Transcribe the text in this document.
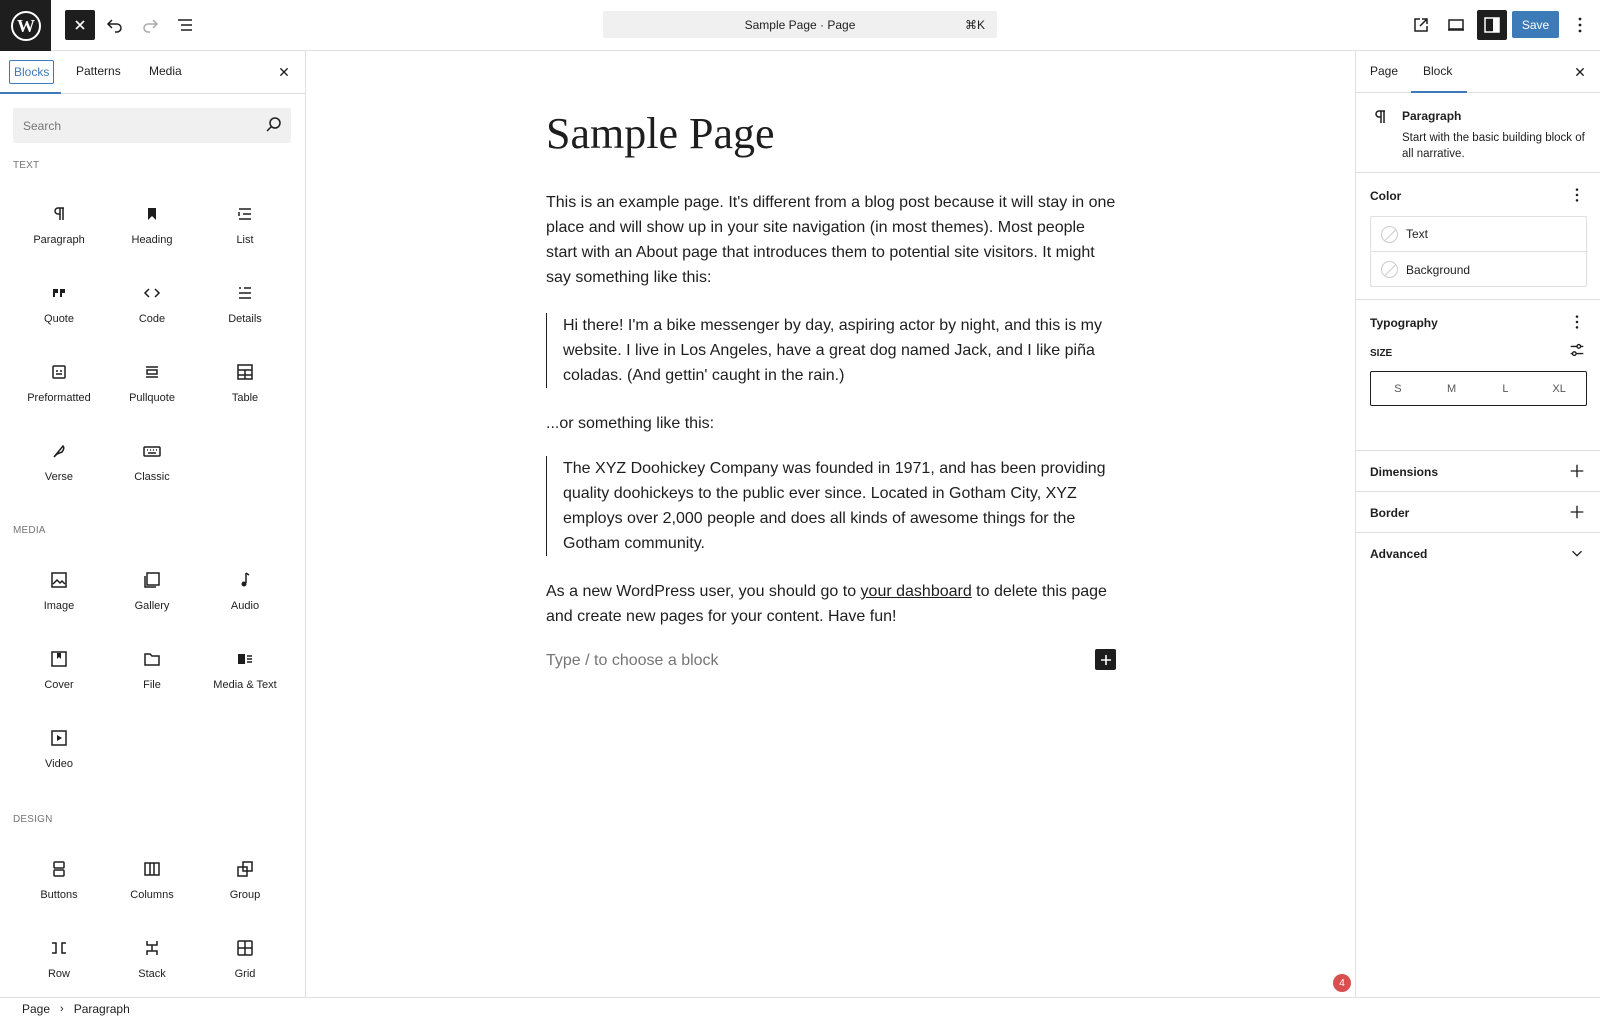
W	Sample Page · Page	⌘K	Save
Blocks	Patterns	Media
Search
TEXT
Paragraph	Heading	List
Quote	Code	Details
Preformatted	Pullquote	Table
Verse	Classic
MEDIA
Image	Gallery	Audio
Cover	File	Media & Text
Video
DESIGN
Buttons	Columns	Group
Row	Stack	Grid
Sample Page

This is an example page. It's different from a blog post because it will stay in one place and will show up in your site navigation (in most themes). Most people start with an About page that introduces them to potential site visitors. It might say something like this:

Hi there! I'm a bike messenger by day, aspiring actor by night, and this is my website. I live in Los Angeles, have a great dog named Jack, and I like piña coladas. (And gettin' caught in the rain.)

...or something like this:

The XYZ Doohickey Company was founded in 1971, and has been providing quality doohickeys to the public ever since. Located in Gotham City, XYZ employs over 2,000 people and does all kinds of awesome things for the Gotham community.

As a new WordPress user, you should go to your dashboard to delete this page and create new pages for your content. Have fun!

Type / to choose a block
4
Page Block
Paragraph
Start with the basic building block of all narrative.
Color
Text
Background
Typography
SIZE
S	M	L	XL
Dimensions
Border
Advanced
Page › Paragraph
